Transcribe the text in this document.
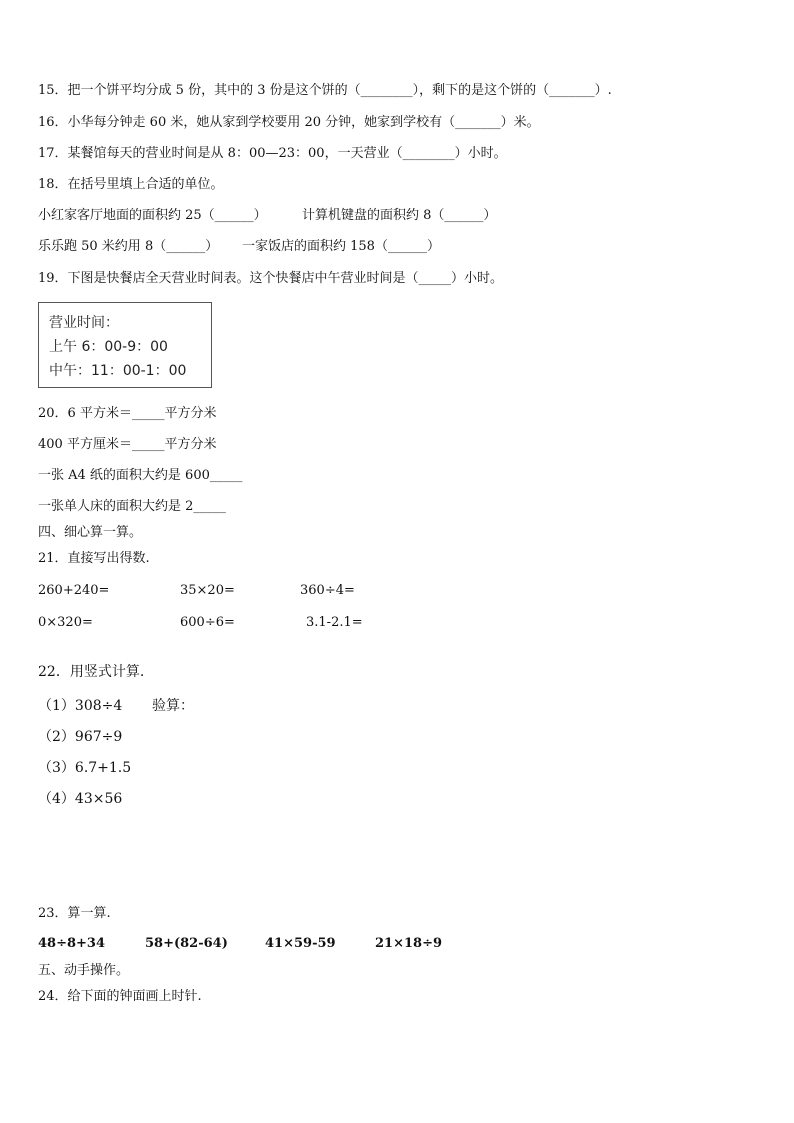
15．把一个饼平均分成 5 份，其中的 3 份是这个饼的（________），剩下的是这个饼的（_______）.
16．小华每分钟走 60 米，她从家到学校要用 20 分钟，她家到学校有（_______）米。
17．某餐馆每天的营业时间是从 8：00—23：00，一天营业（________）小时。
18．在括号里填上合适的单位。
小红家客厅地面的面积约 25（______）	计算机键盘的面积约 8（______）
乐乐跑 50 米约用 8（______） 一家饭店的面积约 158（______）
19．下图是快餐店全天营业时间表。这个快餐店中午营业时间是（_____）小时。
营业时间：
上午 6：00-9：00
中午：11：00-1：00
20．6 平方米＝_____平方分米
400 平方厘米＝_____平方分米
一张 A4 纸的面积大约是 600_____
一张单人床的面积大约是 2_____
四、细心算一算。
21．直接写出得数.
260+240=	35×20=	360÷4=
0×320=	600÷6=	3.1-2.1=
22．用竖式计算.
（1）308÷4 验算：
（2）967÷9
（3）6.7+1.5
（4）43×56
23．算一算.
48÷8+34	58+(82-64)	41×59-59	21×18÷9
五、动手操作。
24．给下面的钟面画上时针.
